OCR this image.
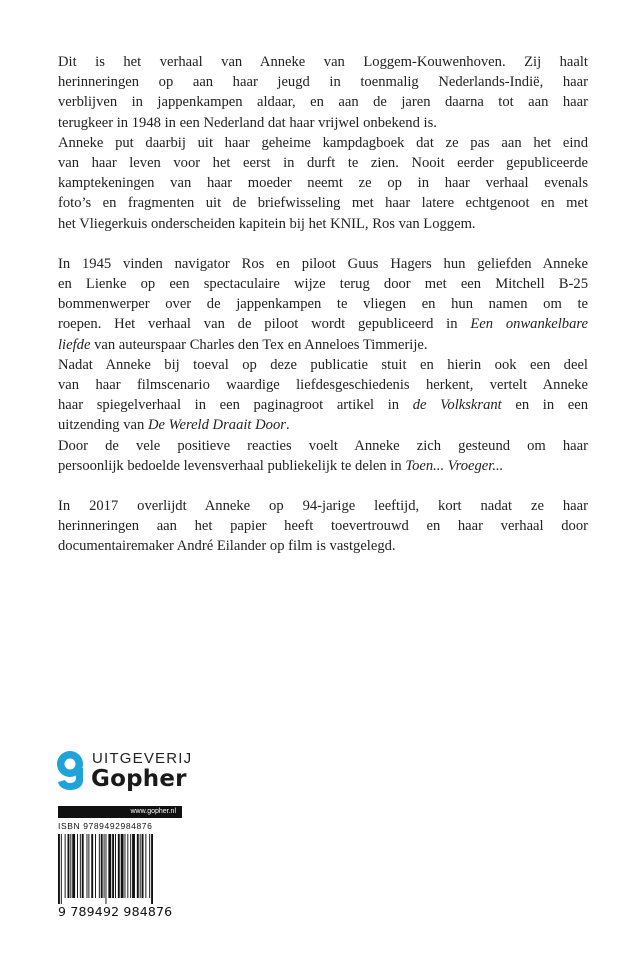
Dit is het verhaal van Anneke van Loggem-Kouwenhoven. Zij haalt
herinneringen op aan haar jeugd in toenmalig Nederlands-Indië, haar
verblijven in jappenkampen aldaar, en aan de jaren daarna tot aan haar
terugkeer in 1948 in een Nederland dat haar vrijwel onbekend is.
Anneke put daarbij uit haar geheime kampdagboek dat ze pas aan het eind
van haar leven voor het eerst in durft te zien. Nooit eerder gepubliceerde
kamptekeningen van haar moeder neemt ze op in haar verhaal evenals
foto’s en fragmenten uit de briefwisseling met haar latere echtgenoot en met
het Vliegerkuis onderscheiden kapitein bij het KNIL, Ros van Loggem.

In 1945 vinden navigator Ros en piloot Guus Hagers hun geliefden Anneke
en Lienke op een spectaculaire wijze terug door met een Mitchell B-25
bommenwerper over de jappenkampen te vliegen en hun namen om te
roepen. Het verhaal van de piloot wordt gepubliceerd in Een onwankelbare
liefde van auteurspaar Charles den Tex en Anneloes Timmerije.
Nadat Anneke bij toeval op deze publicatie stuit en hierin ook een deel
van haar filmscenario waardige liefdesgeschiedenis herkent, vertelt Anneke
haar spiegelverhaal in een paginagroot artikel in de Volkskrant en in een
uitzending van De Wereld Draait Door.
Door de vele positieve reacties voelt Anneke zich gesteund om haar
persoonlijk bedoelde levensverhaal publiekelijk te delen in Toen... Vroeger...

In 2017 overlijdt Anneke op 94-jarige leeftijd, kort nadat ze haar
herinneringen aan het papier heeft toevertrouwd en haar verhaal door
documentairemaker André Eilander op film is vastgelegd.

UITGEVERIJ
Gopher
www.gopher.nl
ISBN 9789492984876
9 789492 984876
